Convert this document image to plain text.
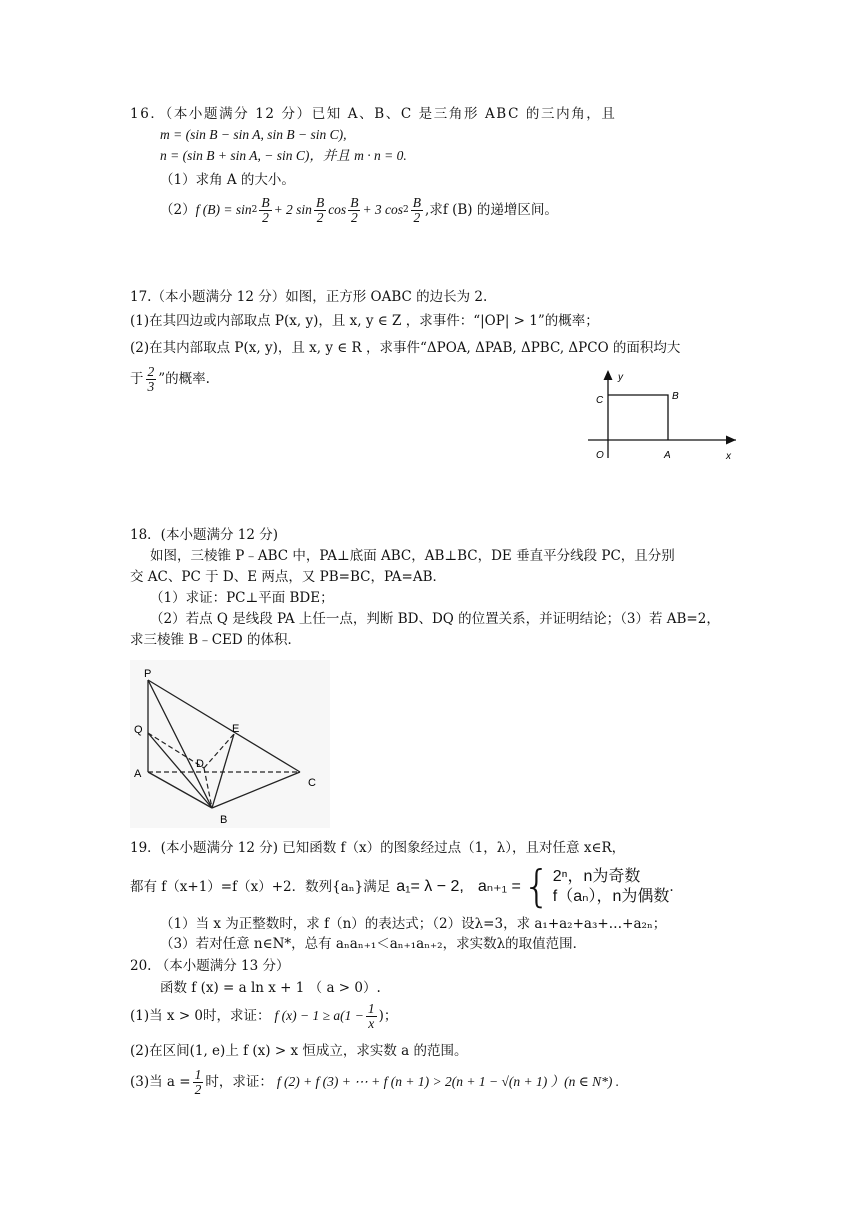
16．（本小题满分 12 分）已知 A、B、C 是三角形 ABC 的三内角，且
m = (sin B − sin A, sin B − sin C),
n = (sin B + sin A, − sin C)，并且 m · n = 0.
（1）求角 A 的大小。
（2） f $(B) = \sin 2 \frac{B}{2} + 2$ $\sin \frac{B}{2}$ $\cos \frac{B}{2} + 3$ $\cos 2 \frac{B}{2}$ , 求f (B) 的递增区间。
17.（本小题满分 12 分）如图，正方形 OABC 的边长为 2.
(1)在其四边或内部取点 P(x, y)，且 x, y ∈ Z ，求事件：“|OP| > 1”的概率；
(2)在其内部取点 P(x, y)，且 x, y ∈ R ，求事件“ΔPOA, ΔPAB, ΔPBC, ΔPCO 的面积均大
于 $\frac{2}{3}$ ”的概率.	y
C	B
O	A	x
18．(本小题满分 12 分)
如图，三棱锥 P﹣ABC 中，PA⊥底面 ABC，AB⊥BC，DE 垂直平分线段 PC，且分别
交 AC、PC 于 D、E 两点，又 PB=BC，PA=AB．
（1）求证：PC⊥平面 BDE；
（2）若点 Q 是线段 PA 上任一点，判断 BD、DQ 的位置关系，并证明结论；（3）若 AB=2，
求三棱锥 B﹣CED 的体积．
P
Q	E
D
A
C
B
19．(本小题满分 12 分) 已知函数 f（x）的图象经过点（1，λ），且对任意 x∈R，
都有 f（x+1）=f（x）+2．数列{aₙ}满足 a₁= λ − 2, aₙ₊₁ = { 2ⁿ，n为奇数
f（aₙ），n为偶数
.
（1）当 x 为正整数时，求 f（n）的表达式；（2）设λ=3，求 a₁+a₂+a₃+…+a₂ₙ；
（3）若对任意 n∈N*，总有 aₙaₙ₊₁＜aₙ₊₁aₙ₊₂，求实数λ的取值范围．
20. （本小题满分 13 分）
函数 f (x) = a ln x + 1 （ a > 0）.
(1)当 x > 0时，求证： f $(x) - 1 \ge a(1 - \frac{1}{x}$ )；
(2)在区间(1, e)上 f (x) > x 恒成立，求实数 a 的范围。
(3)当 $a = \frac{1}{2}$ 时，求证： f (2) + f (3) + ⋯ + f (n + 1) > 2(n + 1 − √(n + 1) ）(n ∈ N*) .
